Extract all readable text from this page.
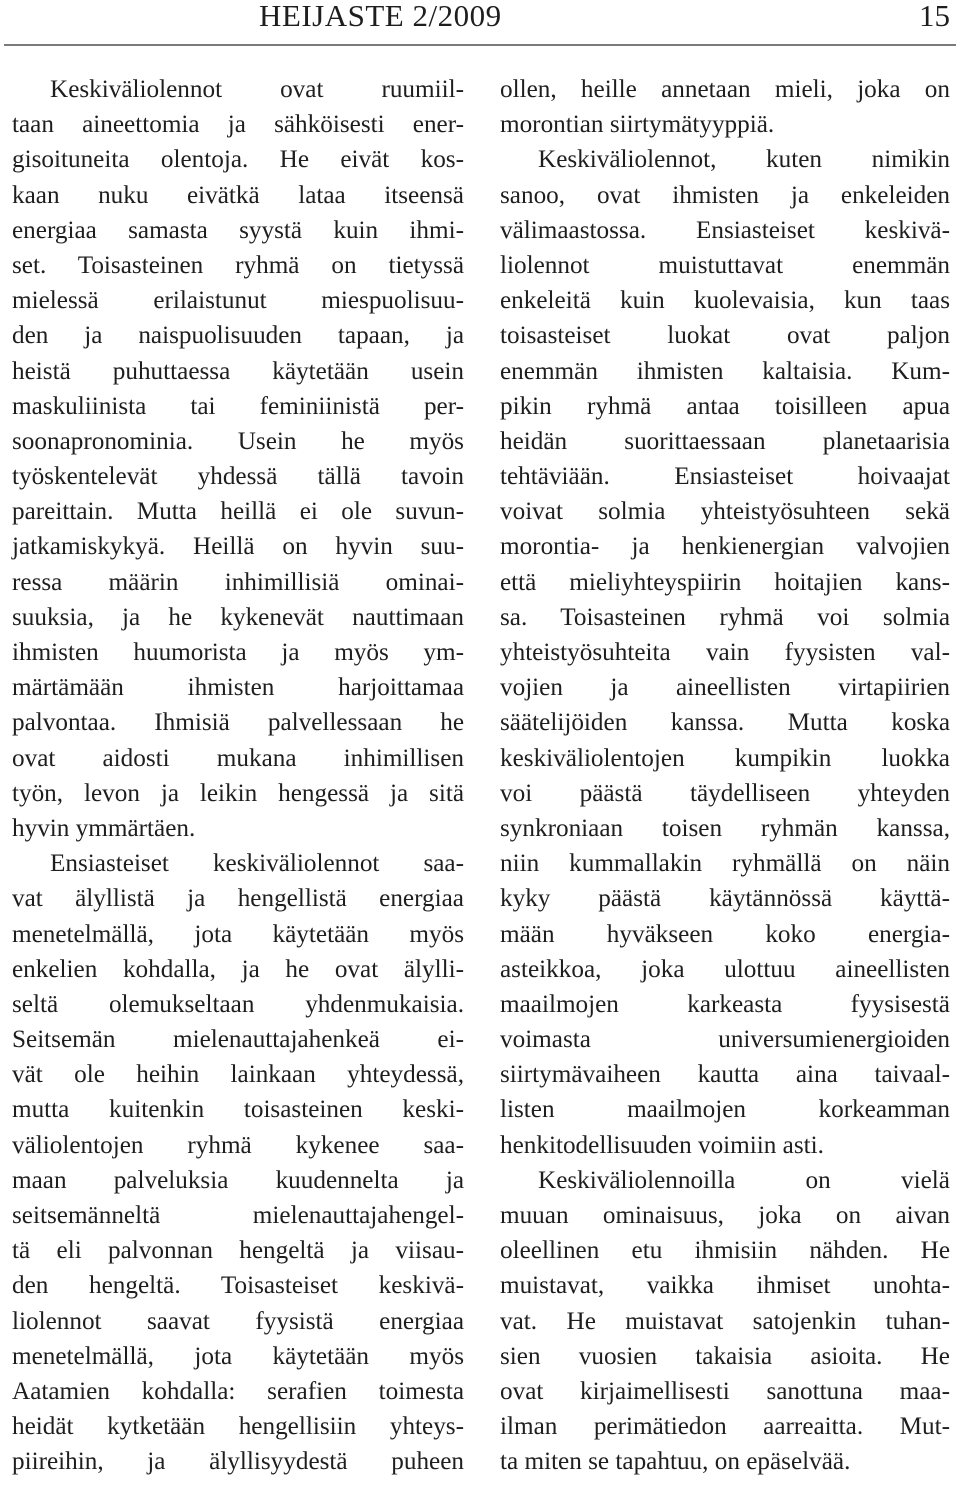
HEIJASTE 2/2009	15
Keskiväliolennot ovat ruumiil-
taan aineettomia ja sähköisesti ener-
gisoituneita olentoja. He eivät kos-
kaan nuku eivätkä lataa itseensä
energiaa samasta syystä kuin ihmi-
set. Toisasteinen ryhmä on tietyssä
mielessä erilaistunut miespuolisuu-
den ja naispuolisuuden tapaan, ja
heistä puhuttaessa käytetään usein
maskuliinista tai feminiinistä per-
soonapronominia. Usein he myös
työskentelevät yhdessä tällä tavoin
pareittain. Mutta heillä ei ole suvun-
jatkamiskykyä. Heillä on hyvin suu-
ressa määrin inhimillisiä ominai-
suuksia, ja he kykenevät nauttimaan
ihmisten huumorista ja myös ym-
märtämään ihmisten harjoittamaa
palvontaa. Ihmisiä palvellessaan he
ovat aidosti mukana inhimillisen
työn, levon ja leikin hengessä ja sitä
hyvin ymmärtäen.
Ensiasteiset keskiväliolennot saa-
vat älyllistä ja hengellistä energiaa
menetelmällä, jota käytetään myös
enkelien kohdalla, ja he ovat älylli-
seltä olemukseltaan yhdenmukaisia.
Seitsemän mielenauttajahenkeä ei-
vät ole heihin lainkaan yhteydessä,
mutta kuitenkin toisasteinen keski-
väliolentojen ryhmä kykenee saa-
maan palveluksia kuudennelta ja
seitsemänneltä mielenauttajahengel-
tä eli palvonnan hengeltä ja viisau-
den hengeltä. Toisasteiset keskivä-
liolennot saavat fyysistä energiaa
menetelmällä, jota käytetään myös
Aatamien kohdalla: serafien toimesta
heidät kytketään hengellisiin yhteys-
piireihin, ja älyllisyydestä puheen
ollen, heille annetaan mieli, joka on
morontian siirtymätyyppiä.
Keskiväliolennot, kuten nimikin
sanoo, ovat ihmisten ja enkeleiden
välimaastossa. Ensiasteiset keskivä-
liolennot muistuttavat enemmän
enkeleitä kuin kuolevaisia, kun taas
toisasteiset luokat ovat paljon
enemmän ihmisten kaltaisia. Kum-
pikin ryhmä antaa toisilleen apua
heidän suorittaessaan planetaarisia
tehtäviään. Ensiasteiset hoivaajat
voivat solmia yhteistyösuhteen sekä
morontia- ja henkienergian valvojien
että mieliyhteyspiirin hoitajien kans-
sa. Toisasteinen ryhmä voi solmia
yhteistyösuhteita vain fyysisten val-
vojien ja aineellisten virtapiirien
säätelijöiden kanssa. Mutta koska
keskiväliolentojen kumpikin luokka
voi päästä täydelliseen yhteyden
synkroniaan toisen ryhmän kanssa,
niin kummallakin ryhmällä on näin
kyky päästä käytännössä käyttä-
mään hyväkseen koko energia-
asteikkoa, joka ulottuu aineellisten
maailmojen karkeasta fyysisestä
voimasta universumienergioiden
siirtymävaiheen kautta aina taivaal-
listen maailmojen korkeamman
henkitodellisuuden voimiin asti.
Keskiväliolennoilla on vielä
muuan ominaisuus, joka on aivan
oleellinen etu ihmisiin nähden. He
muistavat, vaikka ihmiset unohta-
vat. He muistavat satojenkin tuhan-
sien vuosien takaisia asioita. He
ovat kirjaimellisesti sanottuna maa-
ilman perimätiedon aarreaitta. Mut-
ta miten se tapahtuu, on epäselvää.
